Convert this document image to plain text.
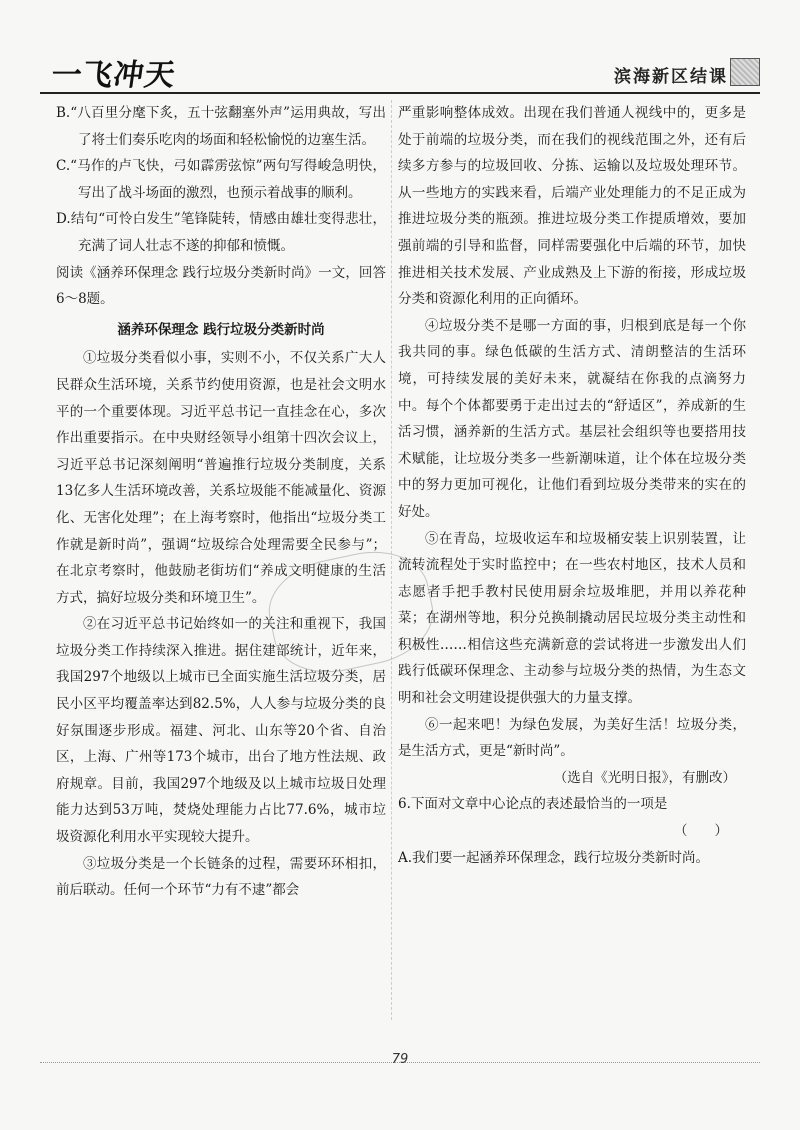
一飞冲天	滨海新区结课

B.“八百里分麾下炙，五十弦翻塞外声”运用典故，写出了将士们奏乐吃肉的场面和轻松愉悦的边塞生活。

C.“马作的卢飞快，弓如霹雳弦惊”两句写得峻急明快，写出了战斗场面的激烈，也预示着战事的顺利。

D.结句“可怜白发生”笔锋陡转，情感由雄壮变得悲壮，充满了词人壮志不遂的抑郁和愤慨。

阅读《涵养环保理念 践行垃圾分类新时尚》一文，回答6～8题。

涵养环保理念 践行垃圾分类新时尚

①垃圾分类看似小事，实则不小，不仅关系广大人民群众生活环境，关系节约使用资源，也是社会文明水平的一个重要体现。习近平总书记一直挂念在心，多次作出重要指示。在中央财经领导小组第十四次会议上，习近平总书记深刻阐明“普遍推行垃圾分类制度，关系13亿多人生活环境改善，关系垃圾能不能减量化、资源化、无害化处理”；在上海考察时，他指出“垃圾分类工作就是新时尚”，强调“垃圾综合处理需要全民参与”；在北京考察时，他鼓励老街坊们“养成文明健康的生活方式，搞好垃圾分类和环境卫生”。

②在习近平总书记始终如一的关注和重视下，我国垃圾分类工作持续深入推进。据住建部统计，近年来，我国297个地级以上城市已全面实施生活垃圾分类，居民小区平均覆盖率达到82.5%，人人参与垃圾分类的良好氛围逐步形成。福建、河北、山东等20个省、自治区，上海、广州等173个城市，出台了地方性法规、政府规章。目前，我国297个地级及以上城市垃圾日处理能力达到53万吨，焚烧处理能力占比77.6%，城市垃圾资源化利用水平实现较大提升。

③垃圾分类是一个长链条的过程，需要环环相扣，前后联动。任何一个环节“力有不逮”都会

严重影响整体成效。出现在我们普通人视线中的，更多是处于前端的垃圾分类，而在我们的视线范围之外，还有后续多方参与的垃圾回收、分拣、运输以及垃圾处理环节。从一些地方的实践来看，后端产业处理能力的不足正成为推进垃圾分类的瓶颈。推进垃圾分类工作提质增效，要加强前端的引导和监督，同样需要强化中后端的环节，加快推进相关技术发展、产业成熟及上下游的衔接，形成垃圾分类和资源化利用的正向循环。

④垃圾分类不是哪一方面的事，归根到底是每一个你我共同的事。绿色低碳的生活方式、清朗整洁的生活环境，可持续发展的美好未来，就凝结在你我的点滴努力中。每个个体都要勇于走出过去的“舒适区”，养成新的生活习惯，涵养新的生活方式。基层社会组织等也要搭用技术赋能，让垃圾分类多一些新潮味道，让个体在垃圾分类中的努力更加可视化，让他们看到垃圾分类带来的实在的好处。

⑤在青岛，垃圾收运车和垃圾桶安装上识别装置，让流转流程处于实时监控中；在一些农村地区，技术人员和志愿者手把手教村民使用厨余垃圾堆肥，并用以养花种菜；在湖州等地，积分兑换制撬动居民垃圾分类主动性和积极性……相信这些充满新意的尝试将进一步激发出人们践行低碳环保理念、主动参与垃圾分类的热情，为生态文明和社会文明建设提供强大的力量支撑。

⑥一起来吧！为绿色发展，为美好生活！垃圾分类，是生活方式，更是“新时尚”。

（选自《光明日报》，有删改）

6.下面对文章中心论点的表述最恰当的一项是

（　　）

A.我们要一起涵养环保理念，践行垃圾分类新时尚。

79
